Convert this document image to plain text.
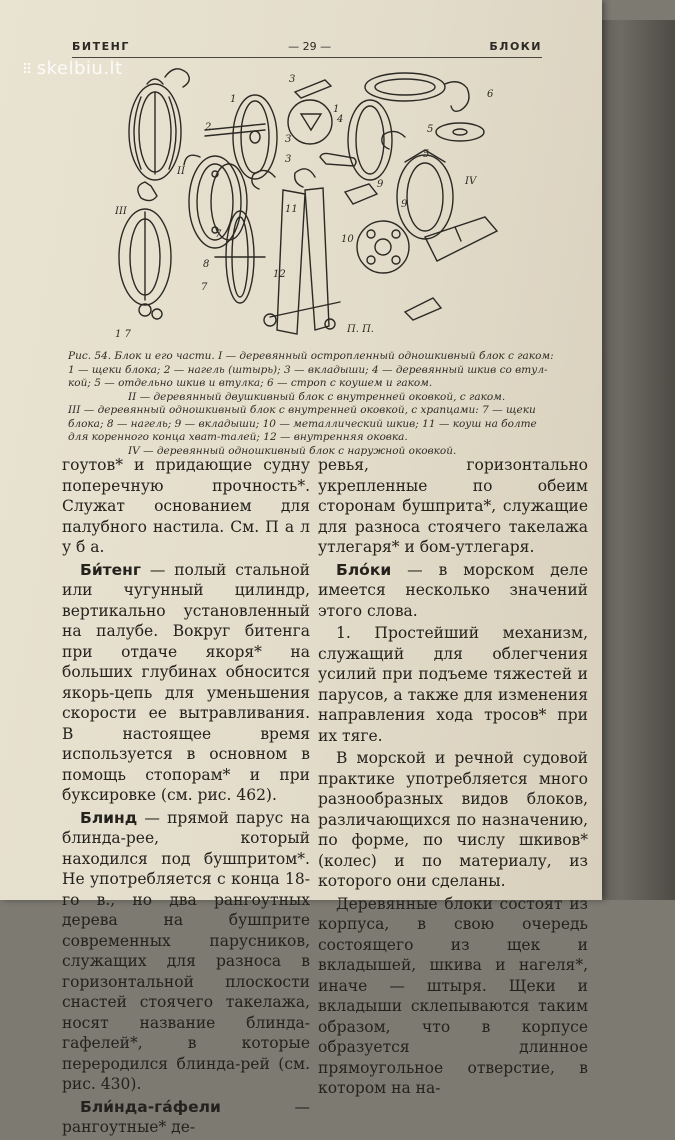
⠿ skelbiu.lt
БИТЕНГ	— 29 —	БЛОКИ
1
2
3
4
5
6
II
III
IV
7
8
9
10
11
12
1
3
3	5
7
9
1 7	П. П.

Рис. 54. Блок и его части. I — деревянный остропленный одношкивный блок с гаком:

1 — щеки блока; 2 — нагель (штырь); 3 — вкладыши; 4 — деревянный шкив со втул-

кой; 5 — отдельно шкив и втулка; 6 — строп с коушем и гаком.

II — деревянный двушкивный блок с внутренней оковкой, с гаком.

III — деревянный одношкивный блок с внутренней оковкой, с храпцами: 7 — щеки

блока; 8 — нагель; 9 — вкладыши; 10 — металлический шкив; 11 — коуш на болте

для коренного конца хват-талей; 12 — внутренняя оковка.

IV — деревянный одношкивный блок с наружной оковкой.

гоутов* и придающие судну поперечную прочность*. Служат основанием для палубного настила. См. П а л у б а.

Би́тенг — полый стальной или чугунный цилиндр, вертикально установленный на палубе. Вокруг битенга при отдаче якоря* на больших глубинах обносится якорь-цепь для уменьшения скорости ее вытравливания. В настоящее время используется в основном в помощь стопорам* и при буксировке (см. рис. 462).

Блинд — прямой парус на блинда-рее, который находился под бушпритом*. Не употребляется с конца 18-го в., но два рангоутных дерева на бушприте современных парусников, служащих для разноса в горизонтальной плоскости снастей стоячего такелажа, носят название блинда-гафелей*, в которые переродился блинда-рей (см. рис. 430).

Бли́нда-га́фели — рангоутные* де-

ревья, горизонтально укрепленные по обеим сторонам бушприта*, служащие для разноса стоячего такелажа утлегаря* и бом-утлегаря.

Бло́ки — в морском деле имеется несколько значений этого слова.

1. Простейший механизм, служащий для облегчения усилий при подъеме тяжестей и парусов, а также для изменения направления хода тросов* при их тяге.

В морской и речной судовой практике употребляется много разнообразных видов блоков, различающихся по назначению, по форме, по числу шкивов* (колес) и по материалу, из которого они сделаны.

Деревянные блоки состоят из корпуса, в свою очередь состоящего из щек и вкладышей, шкива и нагеля*, иначе — штыря. Щеки и вкладыши склепываются таким образом, что в корпусе образуется длинное прямоугольное отверстие, в котором на на-
